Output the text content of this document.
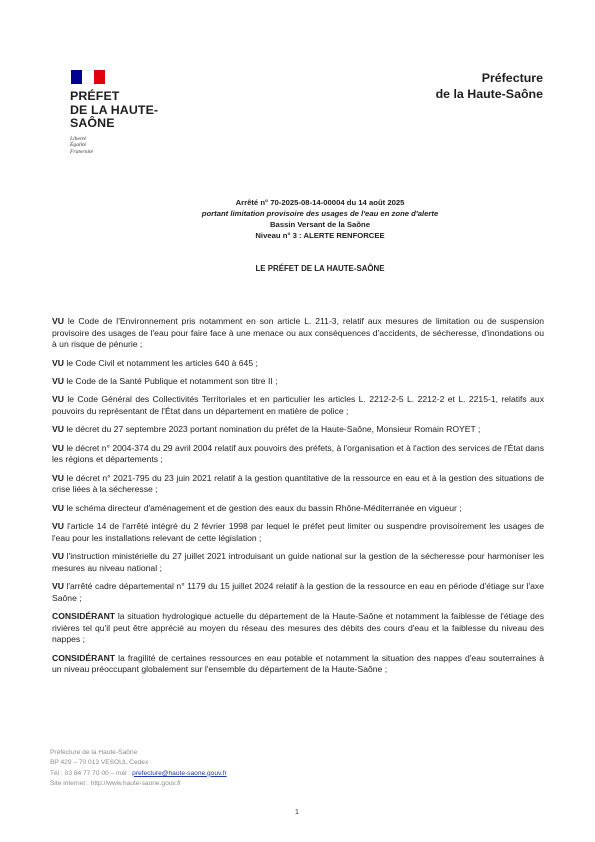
PRÉFET
DE LA HAUTE-
SAÔNE
Liberté
Égalité
Fraternité
Préfecture
de la Haute-Saône
Arrêté n° 70-2025-08-14-00004 du 14 août 2025
portant limitation provisoire des usages de l'eau en zone d'alerte
Bassin Versant de la Saône
Niveau n° 3 : ALERTE RENFORCEE
LE PRÉFET DE LA HAUTE-SAÔNE

VU le Code de l'Environnement pris notamment en son article L. 211-3, relatif aux mesures de limitation ou de suspension provisoire des usages de l'eau pour faire face à une menace ou aux conséquences d'accidents, de sécheresse, d'inondations ou à un risque de pénurie ;

VU le Code Civil et notamment les articles 640 à 645 ;

VU le Code de la Santé Publique et notamment son titre II ;

VU le Code Général des Collectivités Territoriales et en particulier les articles L. 2212-2-5 L. 2212-2 et L. 2215-1, relatifs aux pouvoirs du représentant de l'État dans un département en matière de police ;

VU le décret du 27 septembre 2023 portant nomination du préfet de la Haute-Saône, Monsieur Romain ROYET ;

VU le décret n° 2004-374 du 29 avril 2004 relatif aux pouvoirs des préfets, à l'organisation et à l'action des services de l'État dans les régions et départements ;

VU le décret n° 2021-795 du 23 juin 2021 relatif à la gestion quantitative de la ressource en eau et à la gestion des situations de crise liées à la sécheresse ;

VU le schéma directeur d'aménagement et de gestion des eaux du bassin Rhône-Méditerranée en vigueur ;

VU l'article 14 de l'arrêté intégré du 2 février 1998 par lequel le préfet peut limiter ou suspendre provisoirement les usages de l'eau pour les installations relevant de cette législation ;

VU l'instruction ministérielle du 27 juillet 2021 introduisant un guide national sur la gestion de la sécheresse pour harmoniser les mesures au niveau national ;

VU l'arrêté cadre départemental n° 1179 du 15 juillet 2024 relatif à la gestion de la ressource en eau en période d'étiage sur l'axe Saône ;

CONSIDÉRANT la situation hydrologique actuelle du département de la Haute-Saône et notamment la faiblesse de l'étiage des rivières tel qu'il peut être apprécié au moyen du réseau des mesures des débits des cours d'eau et la faiblesse du niveau des nappes ;

CONSIDÉRANT la fragilité de certaines ressources en eau potable et notamment la situation des nappes d'eau souterraines à un niveau préoccupant globalement sur l'ensemble du département de la Haute-Saône ;

Préfecture de la Haute-Saône
BP 429 – 70 013 VESOUL Cedex
Tél : 03 84 77 70 00 – mél : prefecture@haute-saone.gouv.fr
Site internet : http://www.haute-saone.gouv.fr
1
